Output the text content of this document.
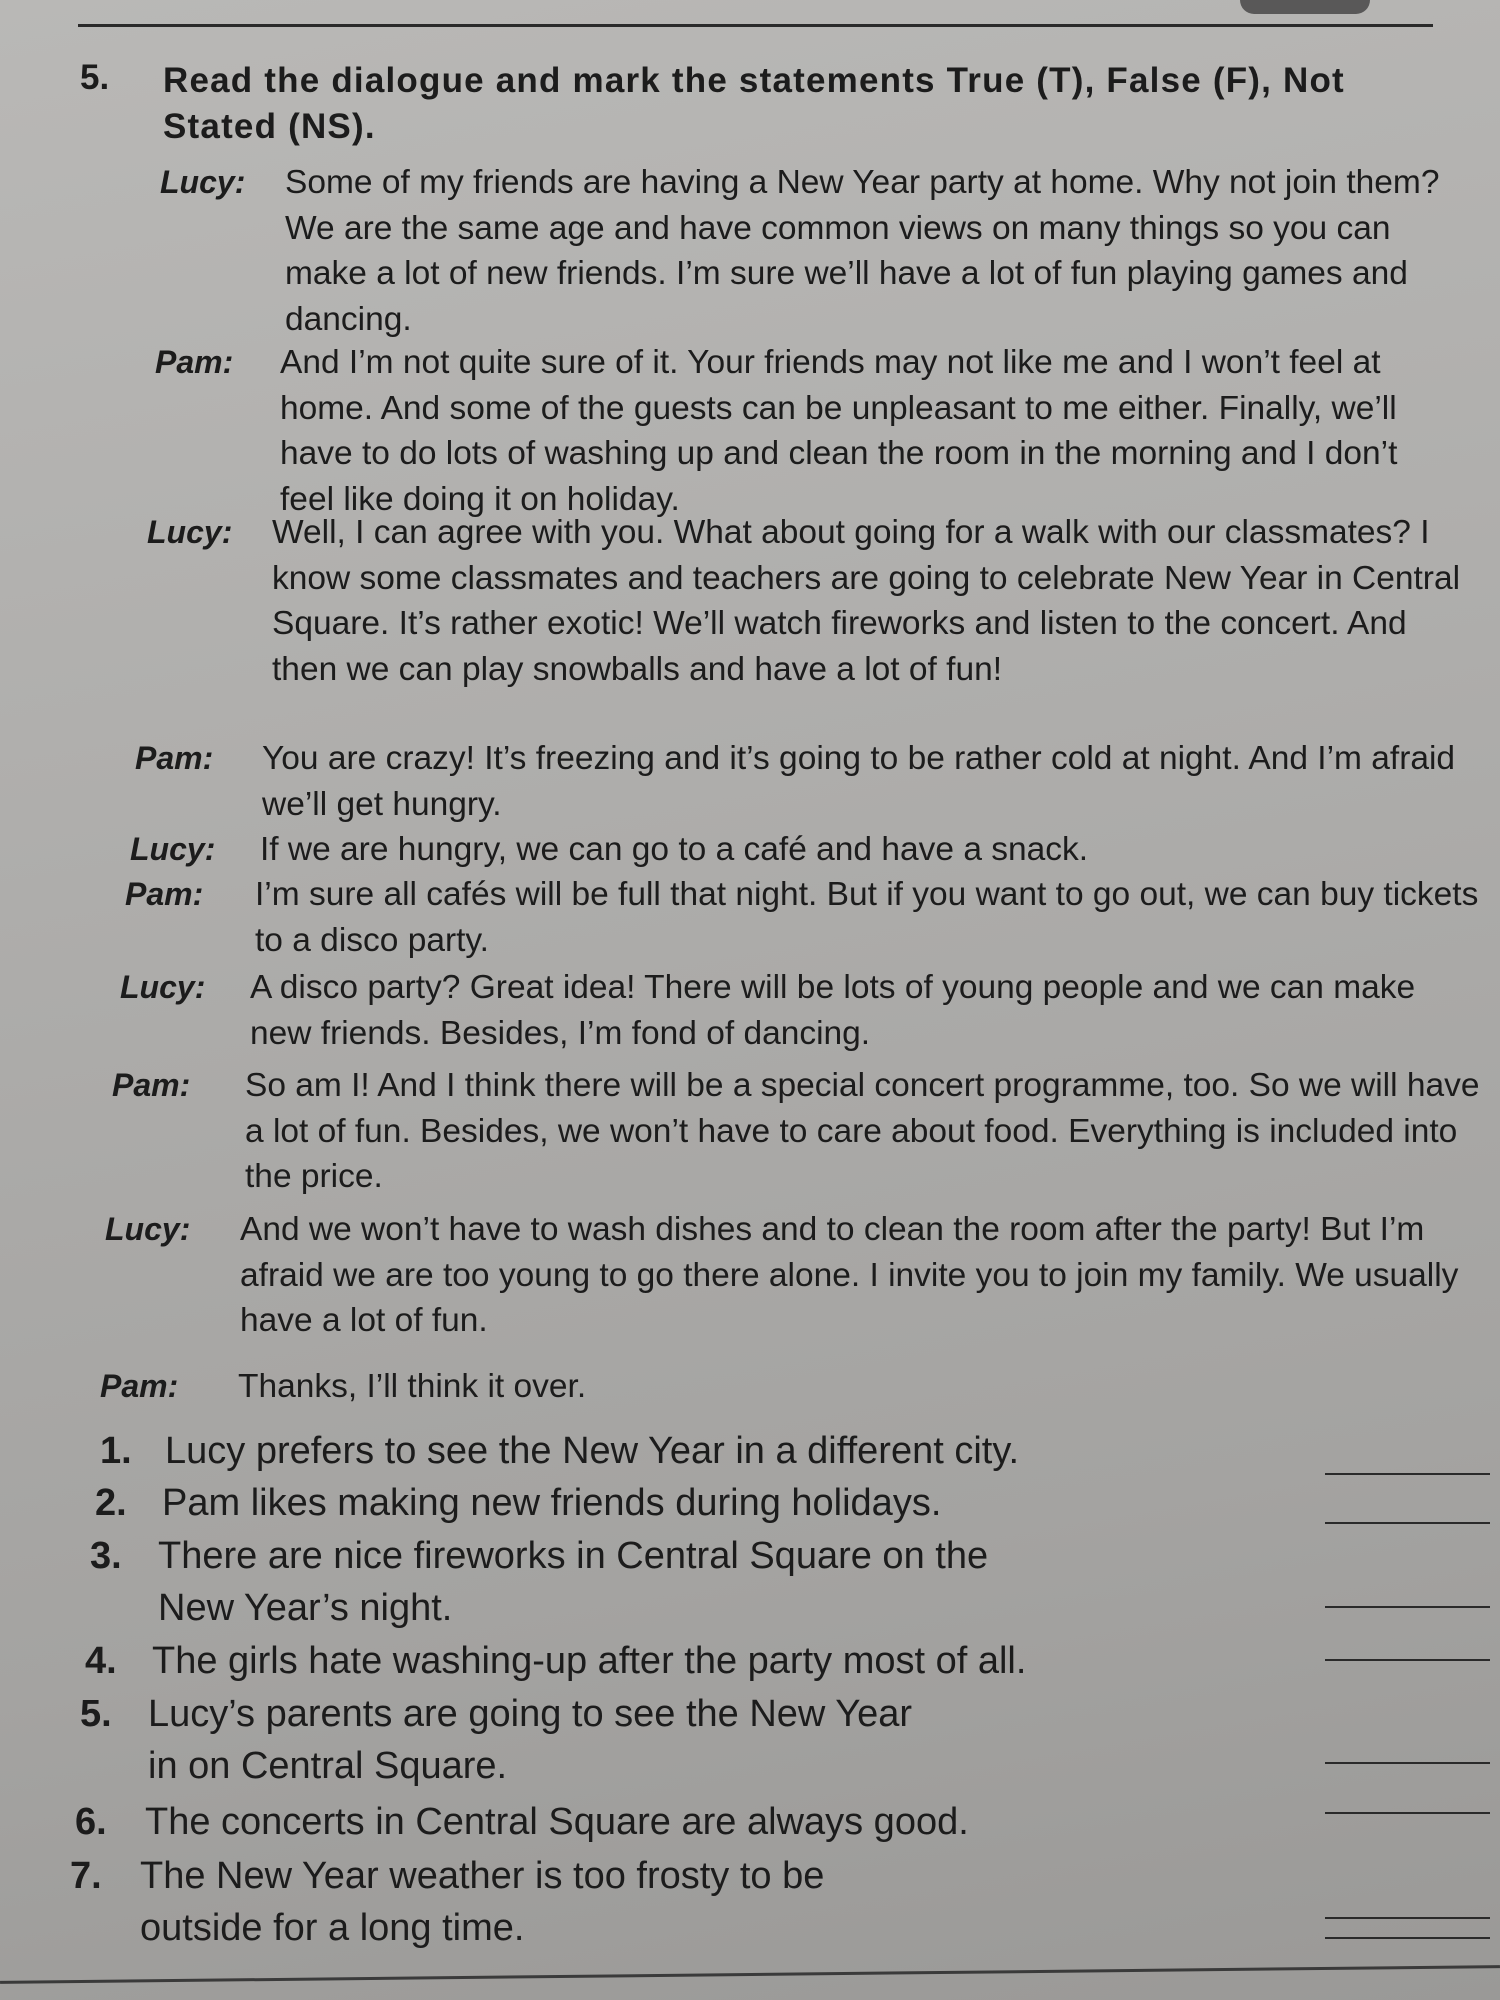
5. Read the dialogue and mark the statements True (T), False (F), Not Stated (NS).
Lucy: Some of my friends are having a New Year party at home. Why not join them? We are the same age and have common views on many things so you can make a lot of new friends. I’m sure we’ll have a lot of fun playing games and dancing.
Pam: And I’m not quite sure of it. Your friends may not like me and I won’t feel at home. And some of the guests can be unpleasant to me either. Finally, we’ll have to do lots of washing up and clean the room in the morning and I don’t feel like doing it on holiday.
Lucy: Well, I can agree with you. What about going for a walk with our classmates? I know some classmates and teachers are going to celebrate New Year in Central Square. It’s rather exotic! We’ll watch fireworks and listen to the concert. And then we can play snowballs and have a lot of fun!
Pam: You are crazy! It’s freezing and it’s going to be rather cold at night. And I’m afraid we’ll get hungry.
Lucy: If we are hungry, we can go to a café and have a snack.
Pam: I’m sure all cafés will be full that night. But if you want to go out, we can buy tickets to a disco party.
Lucy: A disco party? Great idea! There will be lots of young people and we can make new friends. Besides, I’m fond of dancing.
Pam: So am I! And I think there will be a special concert programme, too. So we will have a lot of fun. Besides, we won’t have to care about food. Everything is included into the price.
Lucy: And we won’t have to wash dishes and to clean the room after the party! But I’m afraid we are too young to go there alone. I invite you to join my family. We usually have a lot of fun.
Pam: Thanks, I’ll think it over.
1. Lucy prefers to see the New Year in a different city.
2. Pam likes making new friends during holidays.
3. There are nice fireworks in Central Square on the New Year’s night.
4. The girls hate washing-up after the party most of all.
5. Lucy’s parents are going to see the New Year in on Central Square.
6. The concerts in Central Square are always good.
7. The New Year weather is too frosty to be outside for a long time.
